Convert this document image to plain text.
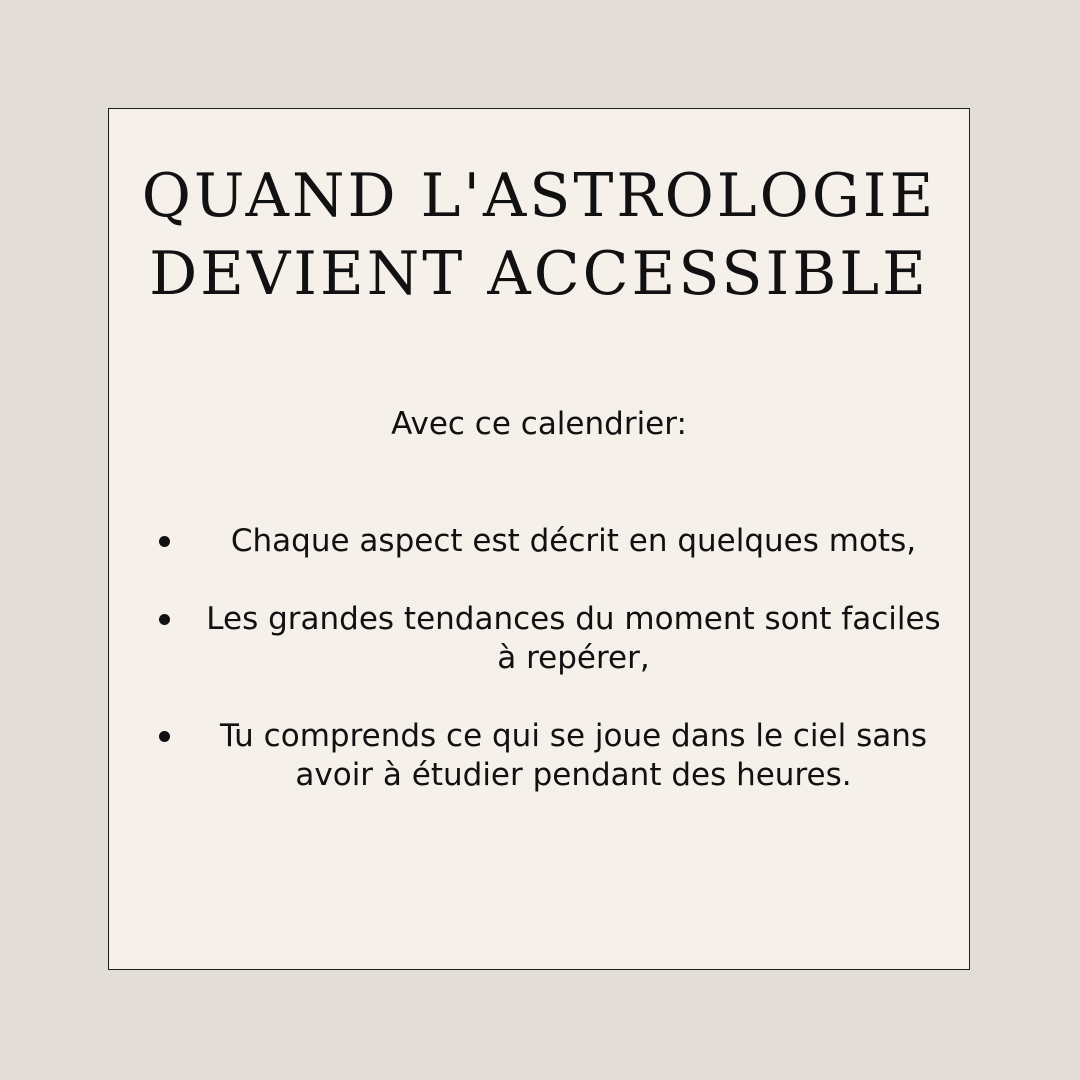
QUAND L'ASTROLOGIE
DEVIENT ACCESSIBLE
Avec ce calendrier:
Chaque aspect est décrit en quelques mots,
Les grandes tendances du moment sont faciles à repérer,
Tu comprends ce qui se joue dans le ciel sans avoir à étudier pendant des heures.
